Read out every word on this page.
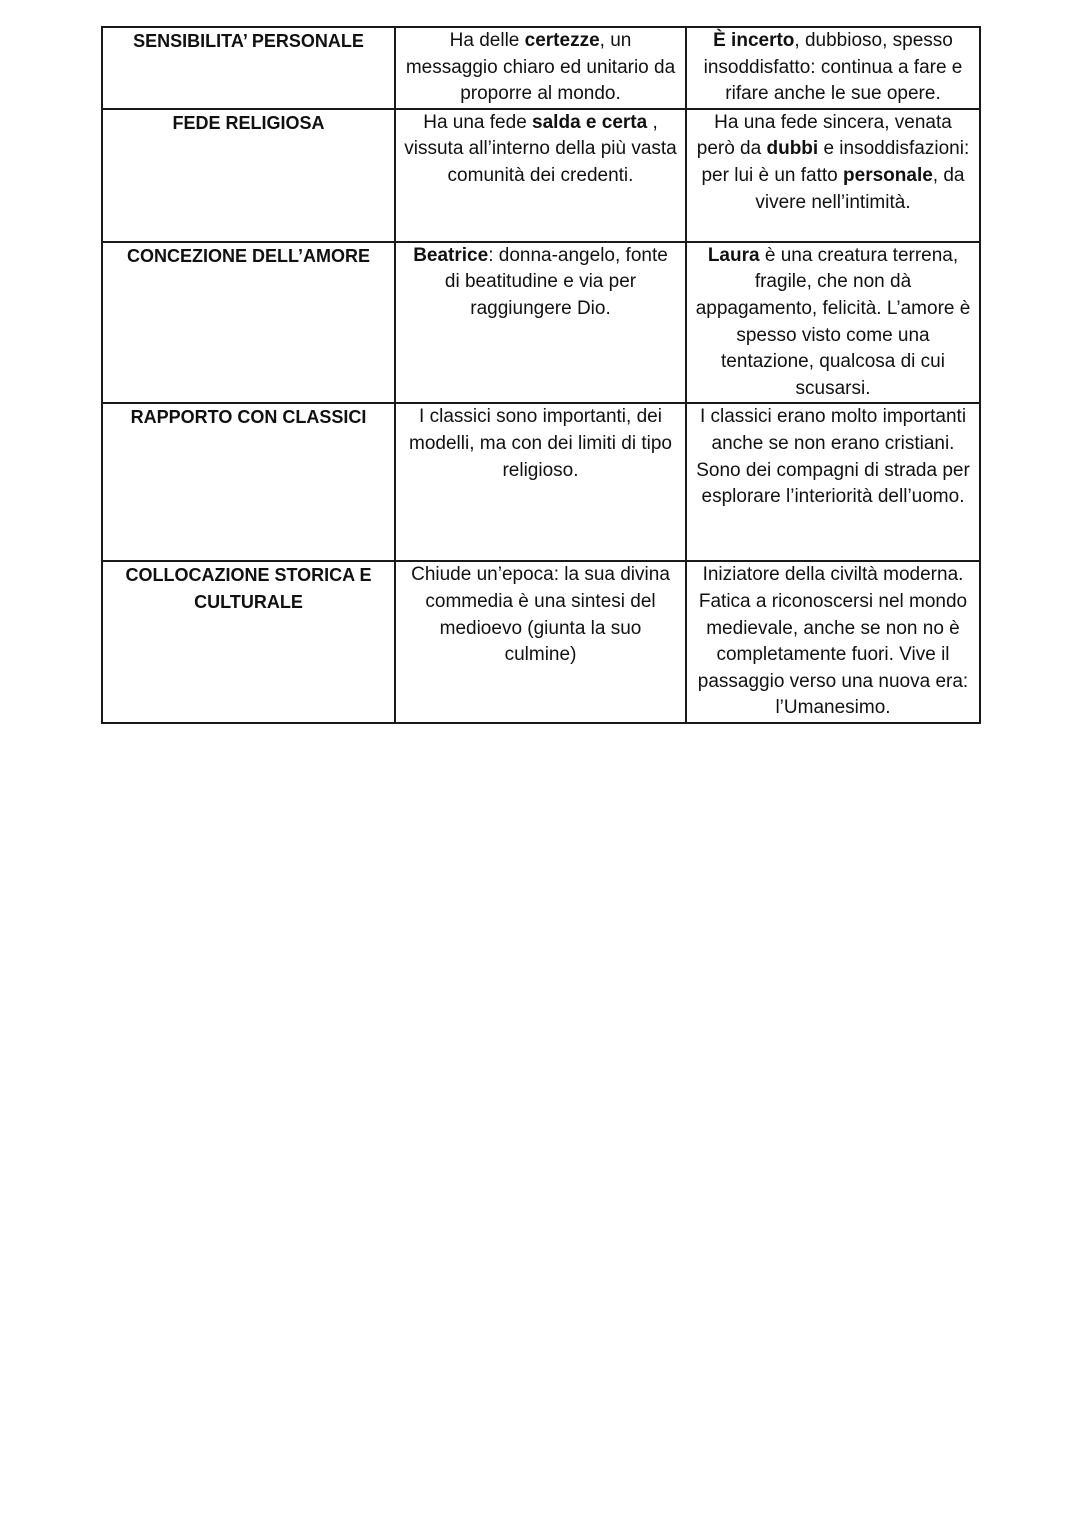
SENSIBILITA’ PERSONALE	Ha delle certezze, un messaggio chiaro ed unitario da proporre al mondo.	È incerto, dubbioso, spesso insoddisfatto: continua a fare e rifare anche le sue opere.
FEDE RELIGIOSA	Ha una fede salda e certa , vissuta all’interno della più vasta comunità dei credenti.	Ha una fede sincera, venata però da dubbi e insoddisfazioni: per lui è un fatto personale, da vivere nell’intimità.
CONCEZIONE DELL’AMORE	Beatrice: donna-angelo, fonte di beatitudine e via per raggiungere Dio.	Laura è una creatura terrena, fragile, che non dà appagamento, felicità. L’amore è spesso visto come una tentazione, qualcosa di cui scusarsi.
RAPPORTO CON CLASSICI	I classici sono importanti, dei modelli, ma con dei limiti di tipo religioso.	I classici erano molto importanti anche se non erano cristiani. Sono dei compagni di strada per esplorare l’interiorità dell’uomo.
COLLOCAZIONE STORICA E CULTURALE	Chiude un’epoca: la sua divina commedia è una sintesi del medioevo (giunta la suo culmine)	Iniziatore della civiltà moderna. Fatica a riconoscersi nel mondo medievale, anche se non no è completamente fuori. Vive il passaggio verso una nuova era: l’Umanesimo.
